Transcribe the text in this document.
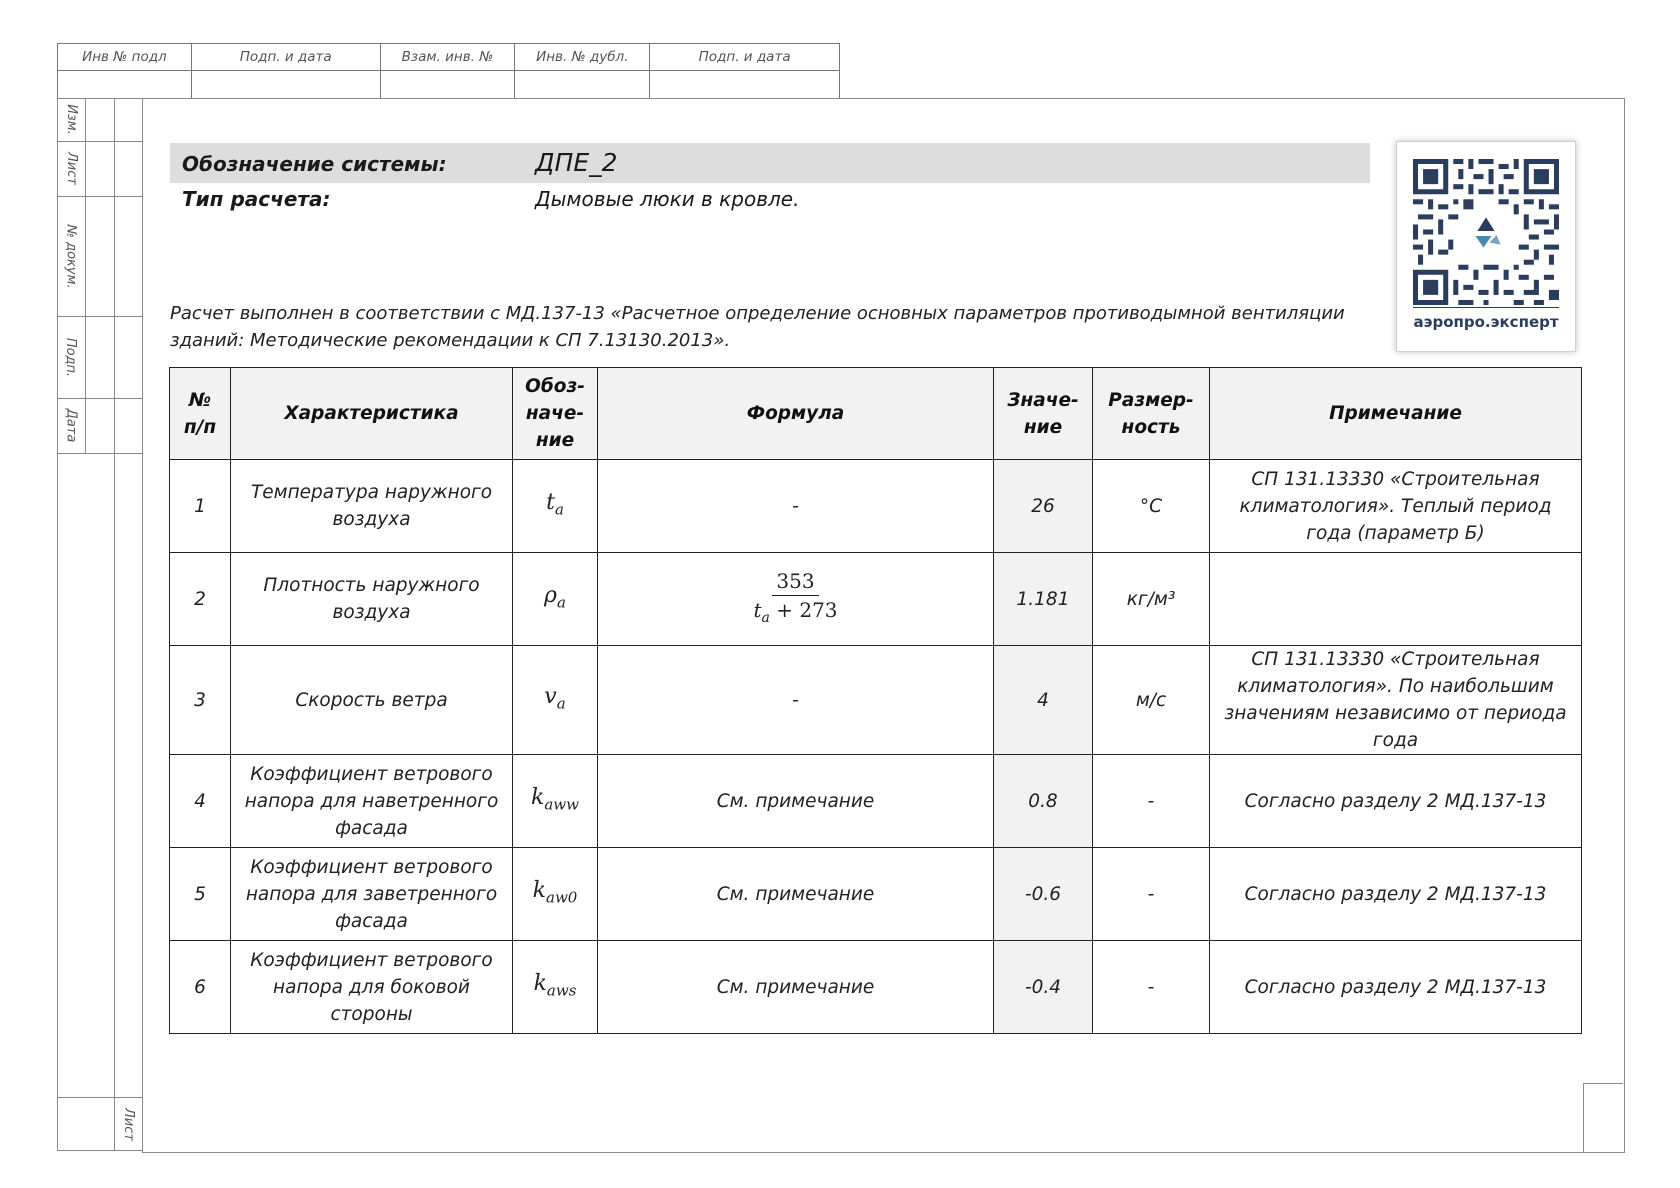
Инв № подл	Подп. и дата	Взам. инв. №	Инв. № дубл.	Подп. и дата

Изм.
Лист
№ докум.
Подп.
Дата
Лист
Обозначение системы:	ДПЕ_2
Тип расчета:	Дымовые люки в кровле.
Расчет выполнен в соответствии с МД.137-13 «Расчетное определение основных параметров противодымной вентиляции зданий: Методические рекомендации к СП 7.13130.2013».
аэропро.эксперт
№ п/п	Характеристика	Обоз-наче-ние	Формула	Значе-ние	Размер-ность	Примечание
1	Температура наружного воздуха	$t_a$	-	26	°С	СП 131.13330 «Строительная климатология». Теплый период года (параметр Б)
2	Плотность наружного воздуха	$\rho_a$	$\frac{353}{t_a + 273}$	1.181	кг/м³	
3	Скорость ветра	$v_a$	-	4	м/с	СП 131.13330 «Строительная климатология». По наибольшим значениям независимо от периода года
4	Коэффициент ветрового напора для наветренного фасада	$k_{aww}$	См. примечание	0.8	-	Согласно разделу 2 МД.137-13
5	Коэффициент ветрового напора для заветренного фасада	$k_{aw0}$	См. примечание	-0.6	-	Согласно разделу 2 МД.137-13
6	Коэффициент ветрового напора для боковой стороны	$k_{aws}$	См. примечание	-0.4	-	Согласно разделу 2 МД.137-13
